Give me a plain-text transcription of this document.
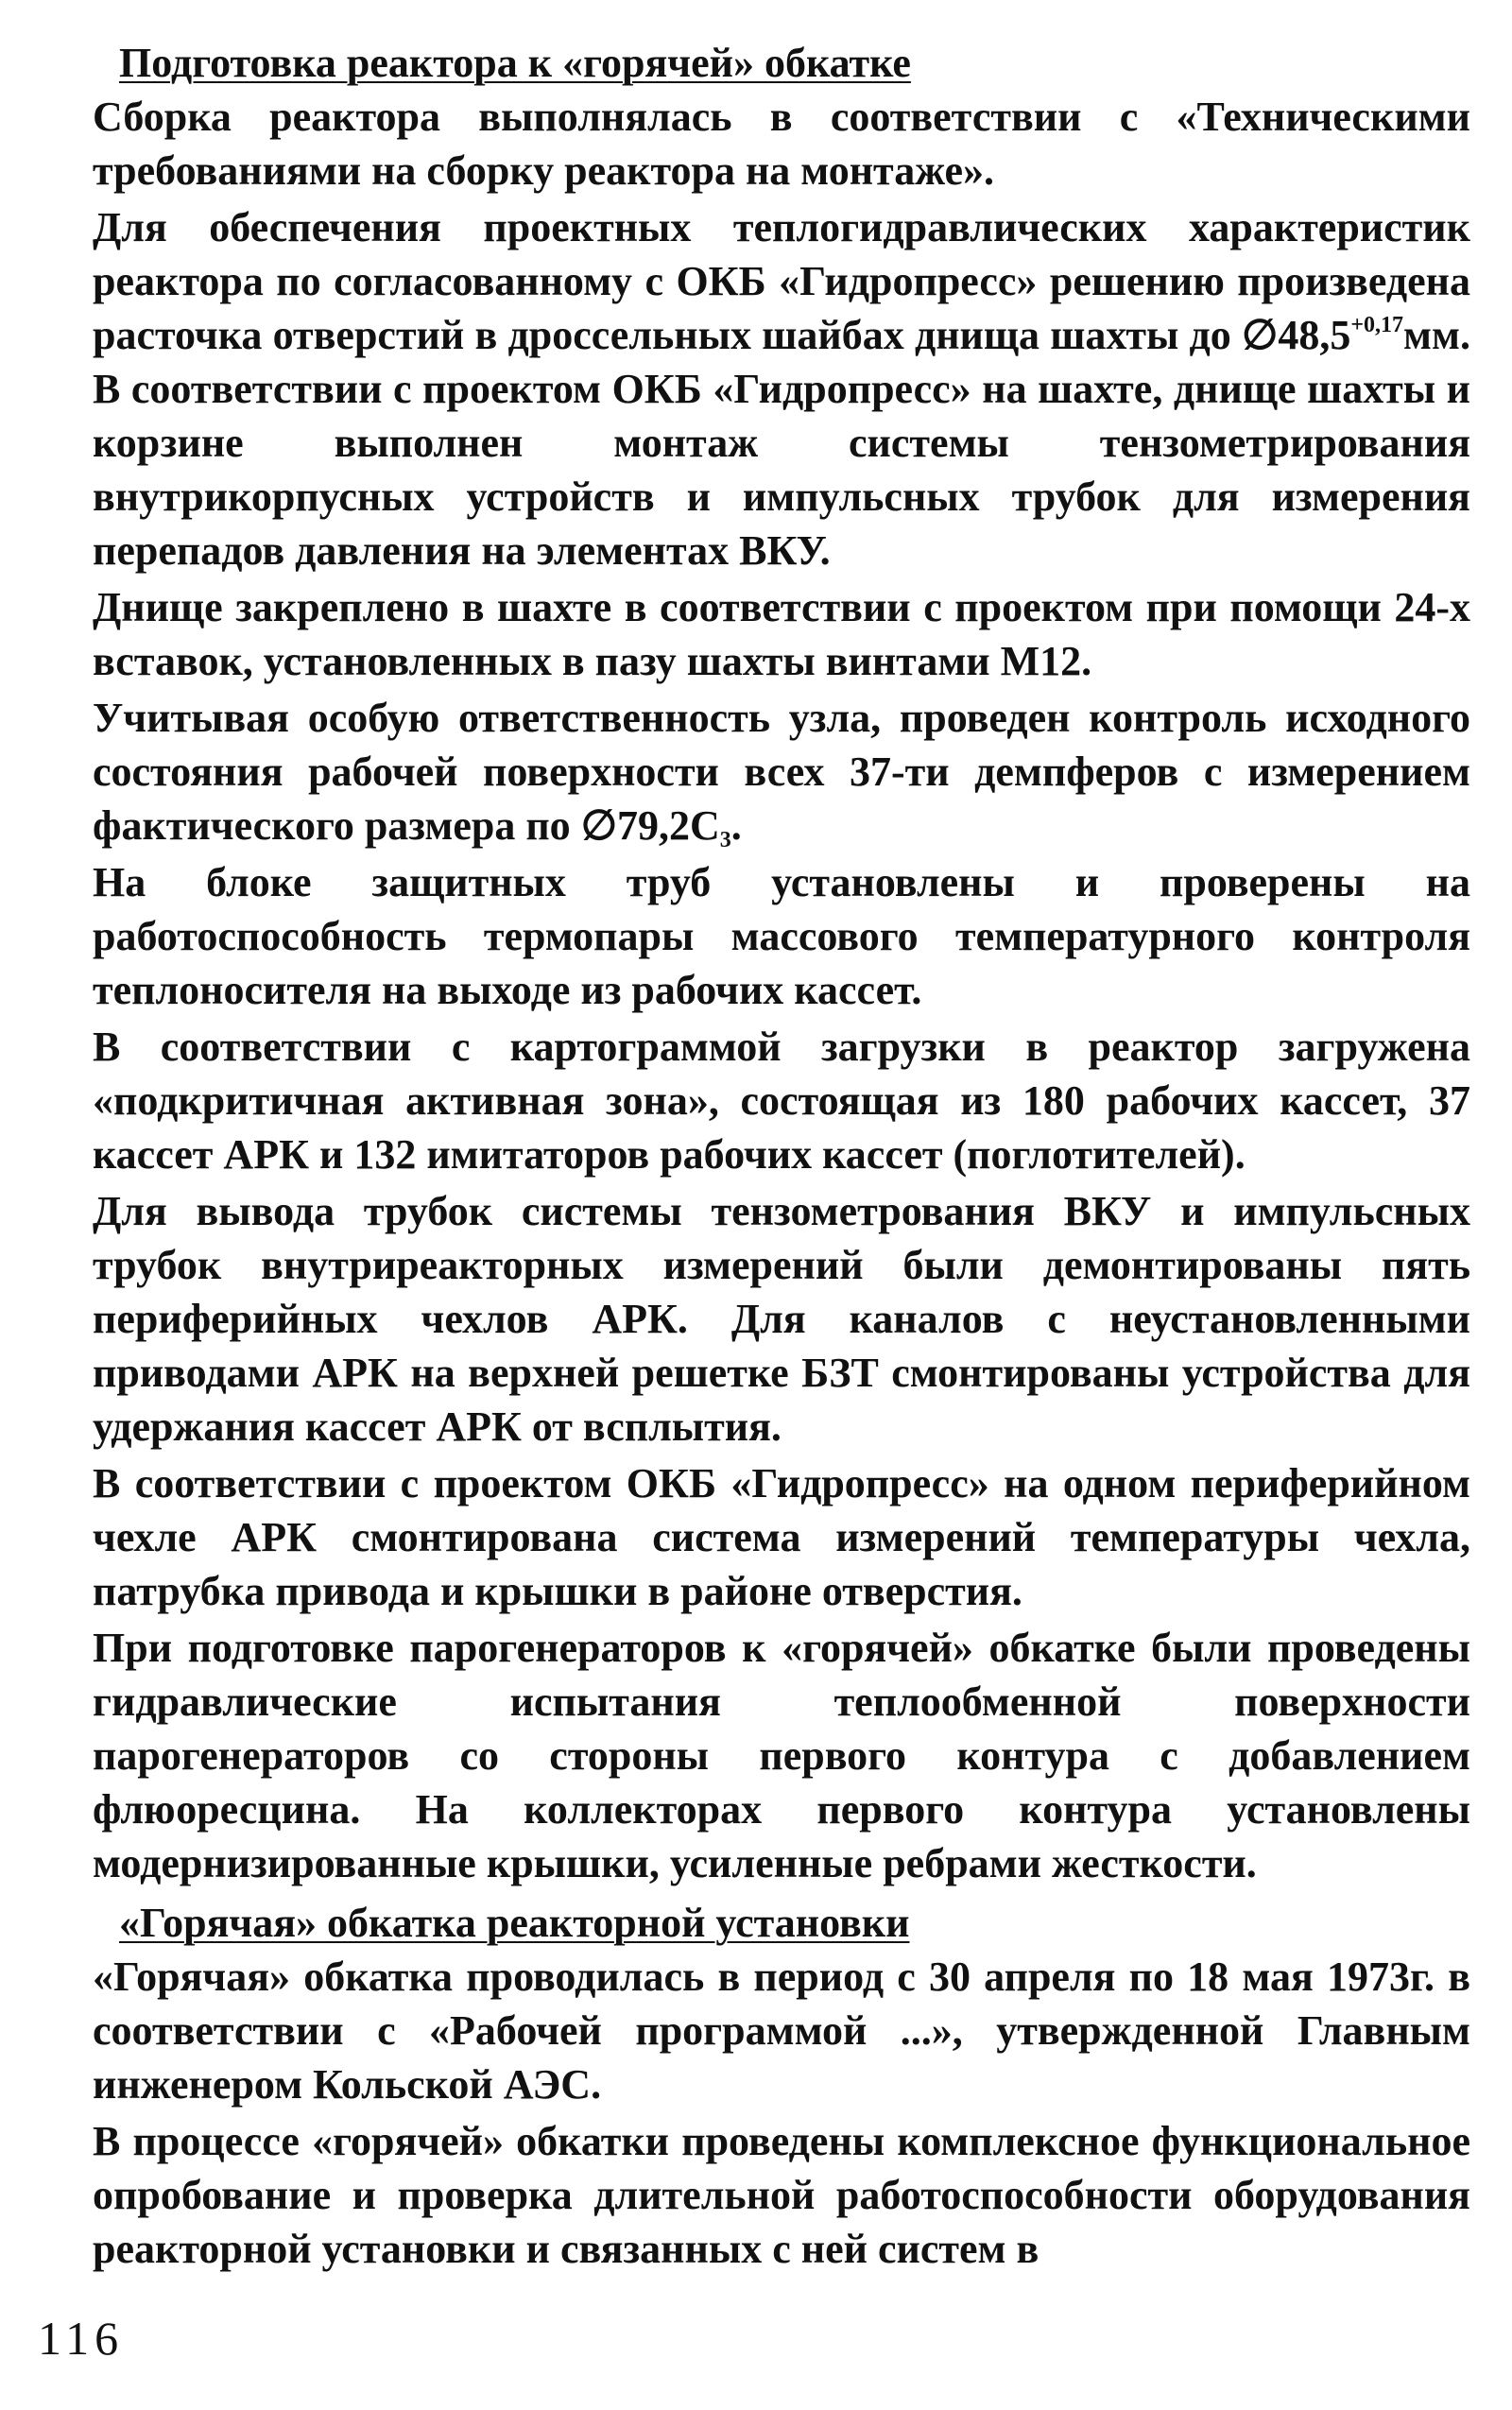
Подготовка реактора к «горячей» обкатке

Сборка реактора выполнялась в соответствии с «Техническими требованиями на сборку реактора на монтаже».

Для обеспечения проектных теплогидравлических характеристик реактора по согласованному с ОКБ «Гидропресс» решению произведена расточка отверстий в дроссельных шайбах днища шахты до $\emptyset 48,5^{+0,17}мм$. В соответствии с проектом ОКБ «Гидропресс» на шахте, днище шахты и корзине выполнен монтаж системы тензометрирования внутрикорпусных устройств и импульсных трубок для измерения перепадов давления на элементах ВКУ.

Днище закреплено в шахте в соответствии с проектом при помощи 24-х вставок, установленных в пазу шахты винтами М12.

Учитывая особую ответственность узла, проведен контроль исходного состояния рабочей поверхности всех 37-ти демпферов с измерением фактического размера по $\emptyset 79,2С_3$.

На блоке защитных труб установлены и проверены на работоспособность термопары массового температурного контроля теплоносителя на выходе из рабочих кассет.

В соответствии с картограммой загрузки в реактор загружена «подкритичная активная зона», состоящая из 180 рабочих кассет, 37 кассет АРК и 132 имитаторов рабочих кассет (поглотителей).

Для вывода трубок системы тензометрования ВКУ и импульсных трубок внутриреакторных измерений были демонтированы пять периферийных чехлов АРК. Для каналов с неустановленными приводами АРК на верхней решетке БЗТ смонтированы устройства для удержания кассет АРК от всплытия.

В соответствии с проектом ОКБ «Гидропресс» на одном периферийном чехле АРК смонтирована система измерений температуры чехла, патрубка привода и крышки в районе отверстия.

При подготовке парогенераторов к «горячей» обкатке были проведены гидравлические испытания теплообменной поверхности парогенераторов со стороны первого контура с добавлением флюоресцина. На коллекторах первого контура установлены модернизированные крышки, усиленные ребрами жесткости.

«Горячая» обкатка реакторной установки

«Горячая» обкатка проводилась в период с 30 апреля по 18 мая 1973г. в соответствии с «Рабочей программой ...», утвержденной Главным инженером Кольской АЭС.

В процессе «горячей» обкатки проведены комплексное функциональное опробование и проверка длительной работоспособности оборудования реакторной установки и связанных с ней систем в

116
